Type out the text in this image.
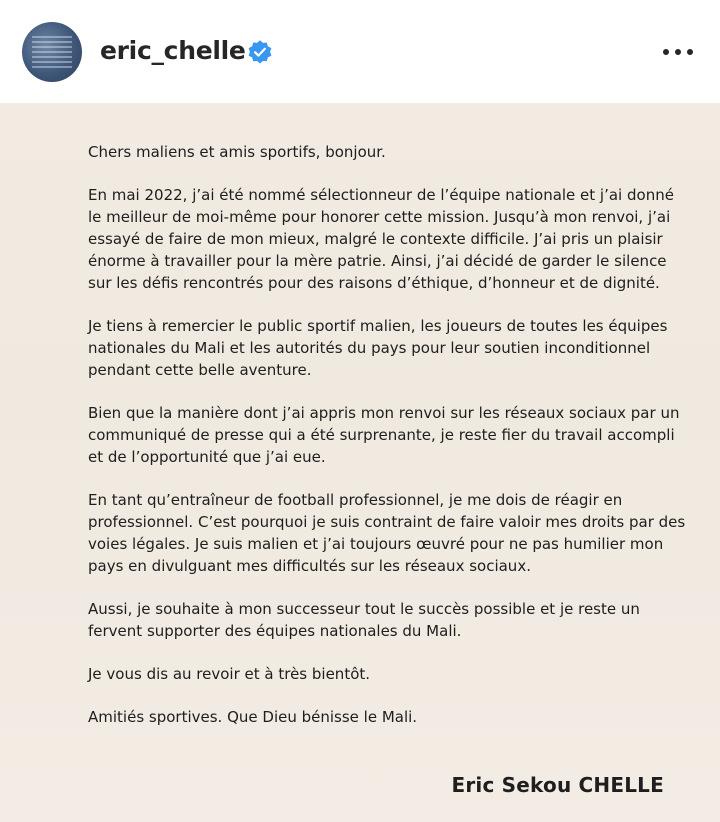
eric_chelle

Chers maliens et amis sportifs, bonjour.

En mai 2022, j’ai été nommé sélectionneur de l’équipe nationale et j’ai donné le meilleur de moi-même pour honorer cette mission. Jusqu’à mon renvoi, j’ai essayé de faire de mon mieux, malgré le contexte difficile. J’ai pris un plaisir énorme à travailler pour la mère patrie. Ainsi, j’ai décidé de garder le silence sur les défis rencontrés pour des raisons d’éthique, d’honneur et de dignité.

Je tiens à remercier le public sportif malien, les joueurs de toutes les équipes nationales du Mali et les autorités du pays pour leur soutien inconditionnel pendant cette belle aventure.

Bien que la manière dont j’ai appris mon renvoi sur les réseaux sociaux par un communiqué de presse qui a été surprenante, je reste fier du travail accompli et de l’opportunité que j’ai eue.

En tant qu’entraîneur de football professionnel, je me dois de réagir en professionnel. C’est pourquoi je suis contraint de faire valoir mes droits par des voies légales. Je suis malien et j’ai toujours œuvré pour ne pas humilier mon pays en divulguant mes difficultés sur les réseaux sociaux.

Aussi, je souhaite à mon successeur tout le succès possible et je reste un fervent supporter des équipes nationales du Mali.

Je vous dis au revoir et à très bientôt.

Amitiés sportives. Que Dieu bénisse le Mali.

Eric Sekou CHELLE
